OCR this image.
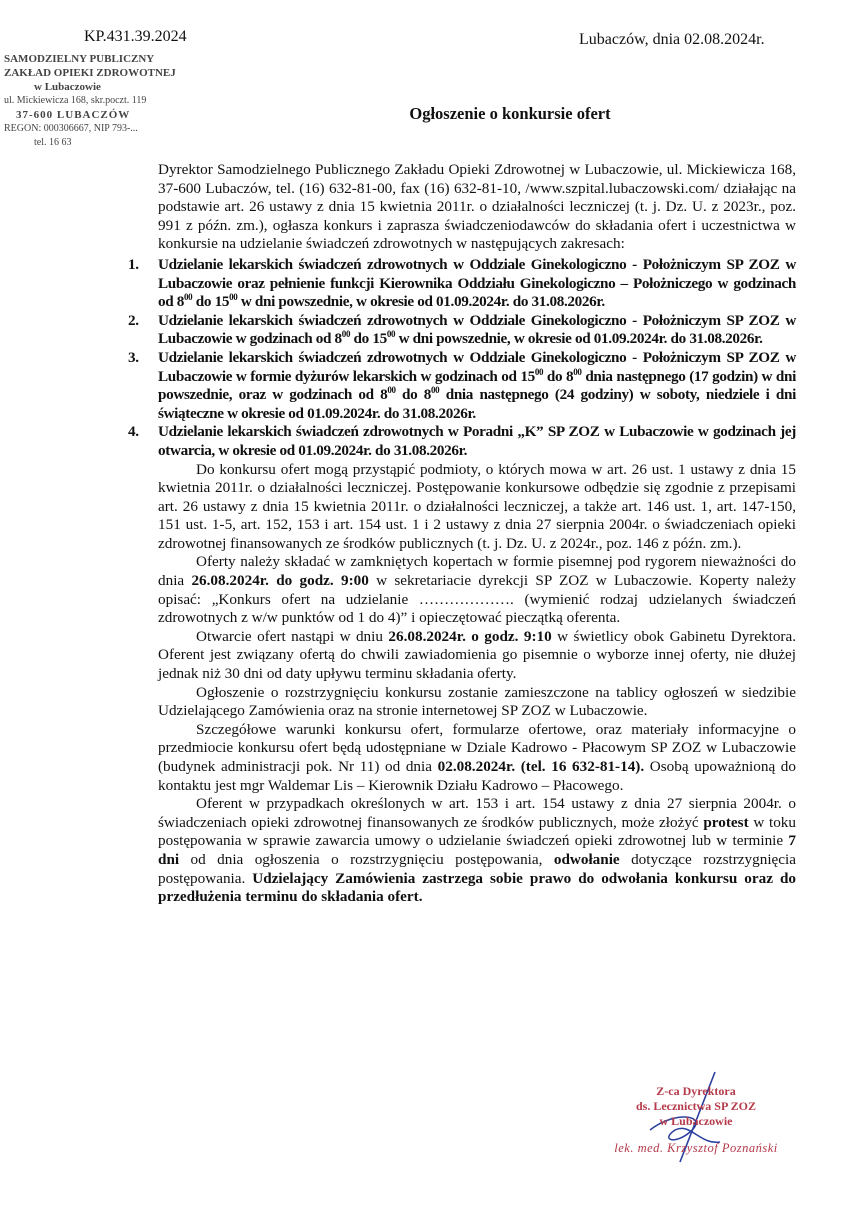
KP.431.39.2024	Lubaczów, dnia 02.08.2024r.
SAMODZIELNY PUBLICZNY
ZAKŁAD OPIEKI ZDROWOTNEJ
w Lubaczowie
ul. Mickiewicza 168, skr.poczt. 119
37-600 LUBACZÓW
REGON: 000306667, NIP 793-...
tel. 16 63
Ogłoszenie o konkursie ofert

Dyrektor Samodzielnego Publicznego Zakładu Opieki Zdrowotnej w Lubaczowie, ul. Mickiewicza 168, 37-600 Lubaczów, tel. (16) 632-81-00, fax (16) 632-81-10, /www.szpital.lubaczowski.com/ działając na podstawie art. 26 ustawy z dnia 15 kwietnia 2011r. o działalności leczniczej (t. j. Dz. U. z 2023r., poz. 991 z późn. zm.), ogłasza konkurs i zaprasza świadczeniodawców do składania ofert i uczestnictwa w konkursie na udzielanie świadczeń zdrowotnych w następujących zakresach:

1. Udzielanie lekarskich świadczeń zdrowotnych w Oddziale Ginekologiczno - Położniczym SP ZOZ w Lubaczowie oraz pełnienie funkcji Kierownika Oddziału Ginekologiczno – Położniczego w godzinach od $8^{00}$ do $15^{00}$ w dni powszednie, w okresie od 01.09.2024r. do 31.08.2026r.
2. Udzielanie lekarskich świadczeń zdrowotnych w Oddziale Ginekologiczno - Położniczym SP ZOZ w Lubaczowie w godzinach od $8^{00}$ do $15^{00}$ w dni powszednie, w okresie od 01.09.2024r. do 31.08.2026r.
3. Udzielanie lekarskich świadczeń zdrowotnych w Oddziale Ginekologiczno - Położniczym SP ZOZ w Lubaczowie w formie dyżurów lekarskich w godzinach od $15^{00}$ do $8^{00}$ dnia następnego (17 godzin) w dni powszednie, oraz w godzinach od $8^{00}$ do $8^{00}$ dnia następnego (24 godziny) w soboty, niedziele i dni świąteczne w okresie od 01.09.2024r. do 31.08.2026r.
4. Udzielanie lekarskich świadczeń zdrowotnych w Poradni „K” SP ZOZ w Lubaczowie w godzinach jej otwarcia, w okresie od 01.09.2024r. do 31.08.2026r.

Do konkursu ofert mogą przystąpić podmioty, o których mowa w art. 26 ust. 1 ustawy z dnia 15 kwietnia 2011r. o działalności leczniczej. Postępowanie konkursowe odbędzie się zgodnie z przepisami art. 26 ustawy z dnia 15 kwietnia 2011r. o działalności leczniczej, a także art. 146 ust. 1, art. 147-150, 151 ust. 1-5, art. 152, 153 i art. 154 ust. 1 i 2 ustawy z dnia 27 sierpnia 2004r. o świadczeniach opieki zdrowotnej finansowanych ze środków publicznych (t. j. Dz. U. z 2024r., poz. 146 z późn. zm.).

Oferty należy składać w zamkniętych kopertach w formie pisemnej pod rygorem nieważności do dnia 26.08.2024r. do godz. 9:00 w sekretariacie dyrekcji SP ZOZ w Lubaczowie. Koperty należy opisać: „Konkurs ofert na udzielanie ………………. (wymienić rodzaj udzielanych świadczeń zdrowotnych z w/w punktów od 1 do 4)” i opieczętować pieczątką oferenta.

Otwarcie ofert nastąpi w dniu 26.08.2024r. o godz. 9:10 w świetlicy obok Gabinetu Dyrektora. Oferent jest związany ofertą do chwili zawiadomienia go pisemnie o wyborze innej oferty, nie dłużej jednak niż 30 dni od daty upływu terminu składania oferty.

Ogłoszenie o rozstrzygnięciu konkursu zostanie zamieszczone na tablicy ogłoszeń w siedzibie Udzielającego Zamówienia oraz na stronie internetowej SP ZOZ w Lubaczowie.

Szczegółowe warunki konkursu ofert, formularze ofertowe, oraz materiały informacyjne o przedmiocie konkursu ofert będą udostępniane w Dziale Kadrowo - Płacowym SP ZOZ w Lubaczowie (budynek administracji pok. Nr 11) od dnia 02.08.2024r. (tel. 16 632-81-14). Osobą upoważnioną do kontaktu jest mgr Waldemar Lis – Kierownik Działu Kadrowo – Płacowego.

Oferent w przypadkach określonych w art. 153 i art. 154 ustawy z dnia 27 sierpnia 2004r. o świadczeniach opieki zdrowotnej finansowanych ze środków publicznych, może złożyć protest w toku postępowania w sprawie zawarcia umowy o udzielanie świadczeń opieki zdrowotnej lub w terminie 7 dni od dnia ogłoszenia o rozstrzygnięciu postępowania, odwołanie dotyczące rozstrzygnięcia postępowania. Udzielający Zamówienia zastrzega sobie prawo do odwołania konkursu oraz do przedłużenia terminu do składania ofert.

Z-ca Dyrektora
ds. Lecznictwa SP ZOZ
w Lubaczowie
lek. med. Krzysztof Poznański
